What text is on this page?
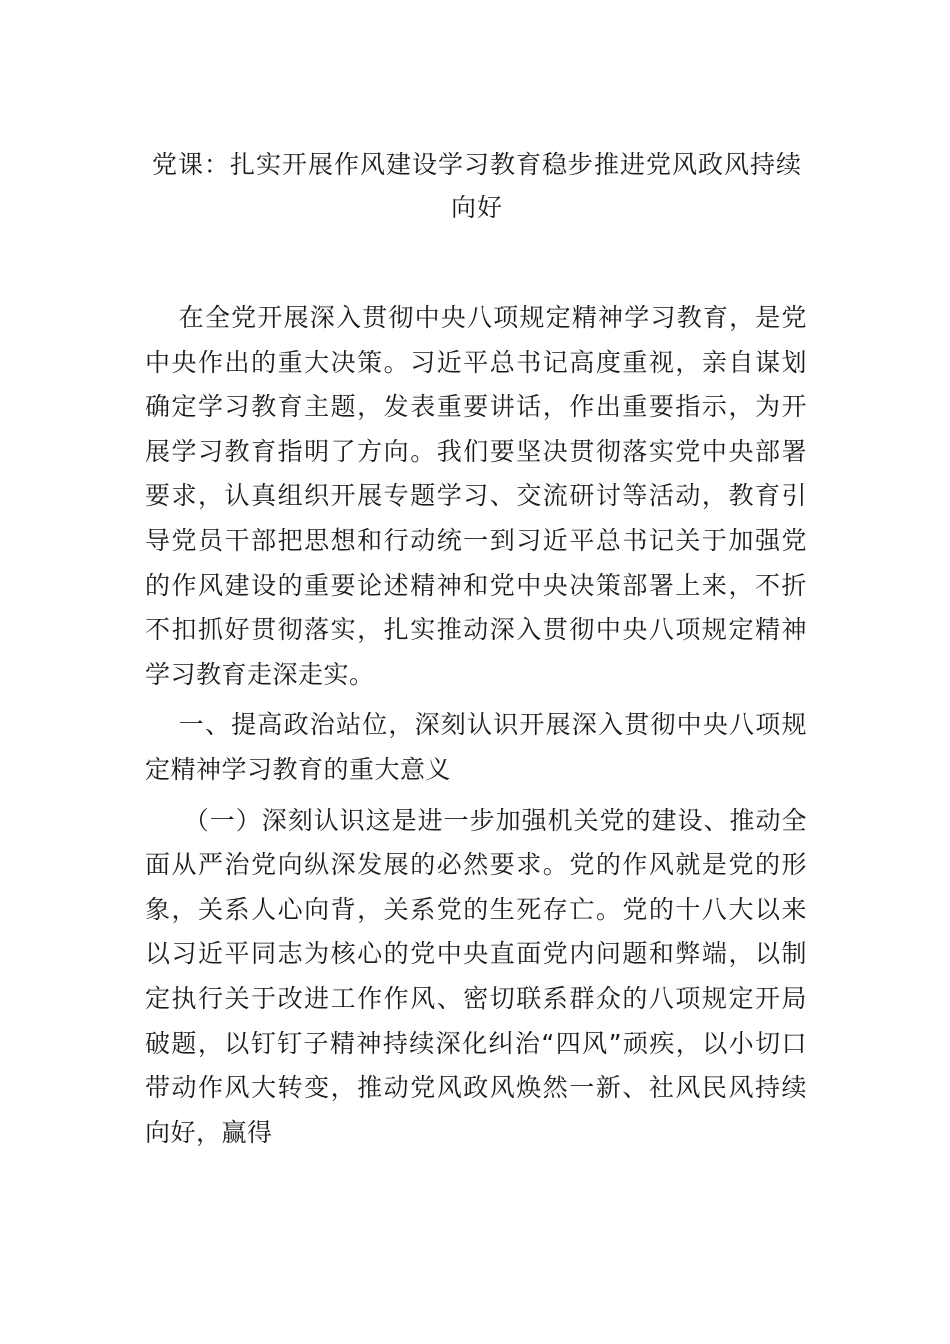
党课：扎实开展作风建设学习教育稳步推进党风政风持续向好

在全党开展深入贯彻中央八项规定精神学习教育，是党中央作出的重大决策。习近平总书记高度重视，亲自谋划确定学习教育主题，发表重要讲话，作出重要指示，为开展学习教育指明了方向。我们要坚决贯彻落实党中央部署要求，认真组织开展专题学习、交流研讨等活动，教育引导党员干部把思想和行动统一到习近平总书记关于加强党的作风建设的重要论述精神和党中央决策部署上来，不折不扣抓好贯彻落实，扎实推动深入贯彻中央八项规定精神学习教育走深走实。

一、提高政治站位，深刻认识开展深入贯彻中央八项规定精神学习教育的重大意义

（一）深刻认识这是进一步加强机关党的建设、推动全面从严治党向纵深发展的必然要求。党的作风就是党的形象，关系人心向背，关系党的生死存亡。党的十八大以来以习近平同志为核心的党中央直面党内问题和弊端，以制定执行关于改进工作作风、密切联系群众的八项规定开局破题，以钉钉子精神持续深化纠治“四风”顽疾，以小切口带动作风大转变，推动党风政风焕然一新、社风民风持续向好，赢得
